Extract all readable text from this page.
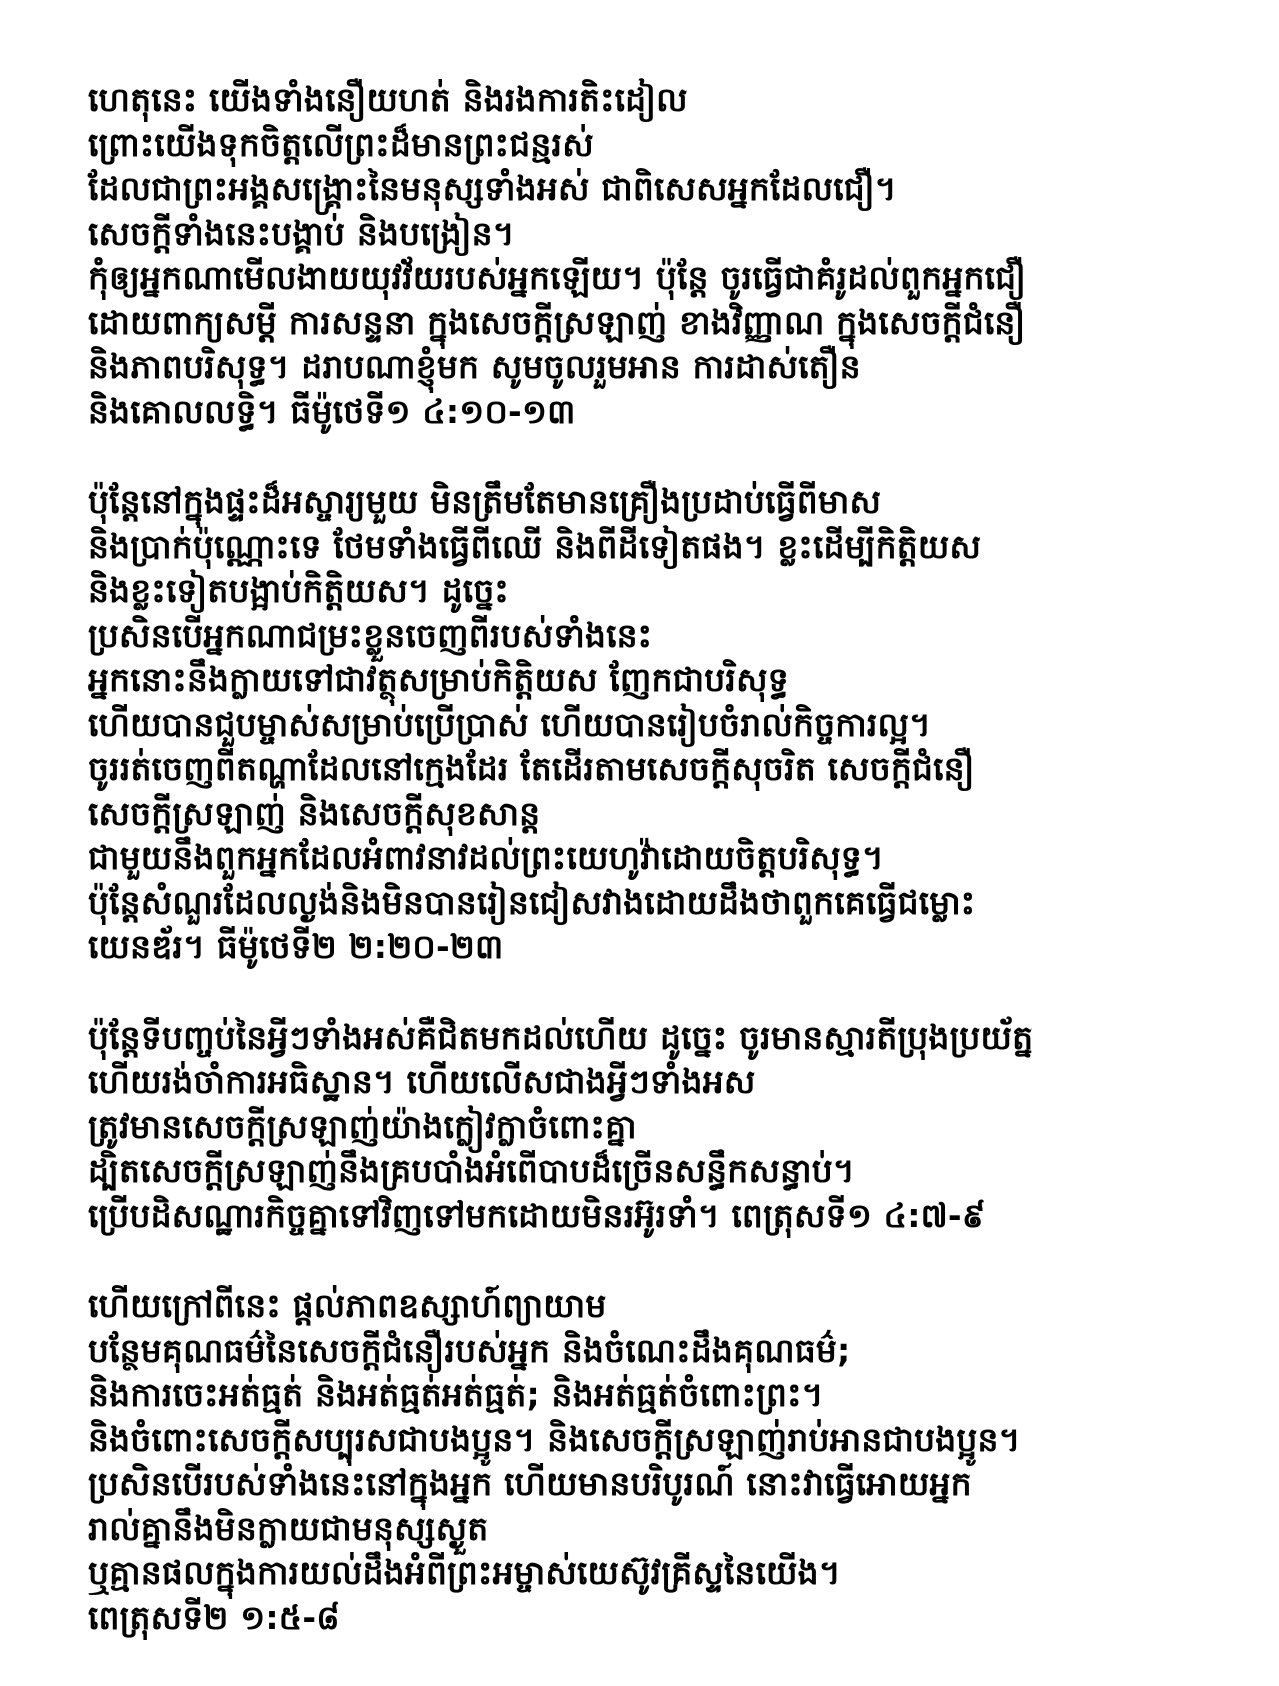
ហេតុនេះ យើងទាំងនឿយហត់ និងរងការតិះដៀល
ព្រោះយើងទុកចិត្តលើព្រះដ៏មានព្រះជន្មរស់
ដែលជាព្រះអង្គសង្គ្រោះនៃមនុស្សទាំងអស់ ជាពិសេសអ្នកដែលជឿ។
សេចក្តីទាំងនេះបង្គាប់ និងបង្រៀន។
កុំឲ្យអ្នកណាមើលងាយយុវវ័យរបស់អ្នកឡើយ។ ប៉ុន្តែ ចូរធ្វើជាគំរូដល់ពួកអ្នកជឿ
ដោយពាក្យសម្តី ការសន្ទនា ក្នុងសេចក្តីស្រឡាញ់ ខាងវិញ្ញាណ ក្នុងសេចក្តីជំនឿ
និងភាពបរិសុទ្ធ។ ដរាបណាខ្ញុំមក សូមចូលរួមអាន ការដាស់តឿន
និងគោលលទ្ធិ។ ធីម៉ូថេទី១ ៤:១០-១៣
ប៉ុន្តែនៅក្នុងផ្ទះដ៏អស្ចារ្យមួយ មិនត្រឹមតែមានគ្រឿងប្រដាប់ធ្វើពីមាស
និងប្រាក់ប៉ុណ្ណោះទេ ថែមទាំងធ្វើពីឈើ និងពីដីទៀតផង។ ខ្លះដើម្បីកិត្តិយស
និងខ្លះទៀតបង្អាប់កិត្តិយស។ ដូច្នេះ
ប្រសិនបើអ្នកណាជម្រះខ្លួនចេញពីរបស់ទាំងនេះ
អ្នកនោះនឹងក្លាយទៅជាវត្ថុសម្រាប់កិត្តិយស ញែកជាបរិសុទ្ធ
ហើយបានជួបម្ចាស់សម្រាប់ប្រើប្រាស់ ហើយបានរៀបចំរាល់កិច្ចការល្អ។
ចូររត់ចេញពីតណ្ហាដែលនៅក្មេងដែរ តែដើរតាមសេចក្តីសុចរិត សេចក្តីជំនឿ
សេចក្តីស្រឡាញ់ និងសេចក្តីសុខសាន្ត
ជាមួយនឹងពួកអ្នកដែលអំពាវនាវដល់ព្រះយេហូវ៉ាដោយចិត្តបរិសុទ្ធ។
ប៉ុន្តែសំណួរដែលល្ងង់និងមិនបានរៀនជៀសវាងដោយដឹងថាពួកគេធ្វើជម្លោះ
យេនឌ័រ។ ធីម៉ូថេទី២ ២:២០-២៣
ប៉ុន្តែទីបញ្ចប់នៃអ្វីៗទាំងអស់គឺជិតមកដល់ហើយ ដូច្នេះ ចូរមានស្មារតីប្រុងប្រយ័ត្ន
ហើយរង់ចាំការអធិស្ឋាន។ ហើយលើសជាងអ្វីៗទាំងអស
ត្រូវមានសេចក្តីស្រឡាញ់យ៉ាងក្លៀវក្លាចំពោះគ្នា
ដ្បិតសេចក្តីស្រឡាញ់នឹងគ្របបាំងអំពើបាបដ៏ច្រើនសន្ធឹកសន្ធាប់។
ប្រើបដិសណ្ឋារកិច្ចគ្នាទៅវិញទៅមកដោយមិនរអ៊ូរទាំ។ ពេត្រុសទី១ ៤:៧-៩
ហើយក្រៅពីនេះ ផ្តល់ភាពឧស្សាហ៍ព្យាយាម
បន្ថែមគុណធម៌នៃសេចក្តីជំនឿរបស់អ្នក និងចំណេះដឹងគុណធម៌;
និងការចេះអត់ធ្មត់ និងអត់ធ្មត់អត់ធ្មត់; និងអត់ធ្មត់ចំពោះព្រះ។
និងចំពោះសេចក្តីសប្បុរសជាបងប្អូន។ និងសេចក្តីស្រឡាញ់រាប់អានជាបងប្អូន។
ប្រសិនបើរបស់ទាំងនេះនៅក្នុងអ្នក ហើយមានបរិបូរណ៍ នោះវាធ្វើអោយអ្នក
រាល់គ្នានឹងមិនក្លាយជាមនុស្សស្ងួត
ឬគ្មានផលក្នុងការយល់ដឹងអំពីព្រះអម្ចាស់យេស៊ូវគ្រីស្ទនៃយើង។
ពេត្រុសទី២ ១:៥-៨
